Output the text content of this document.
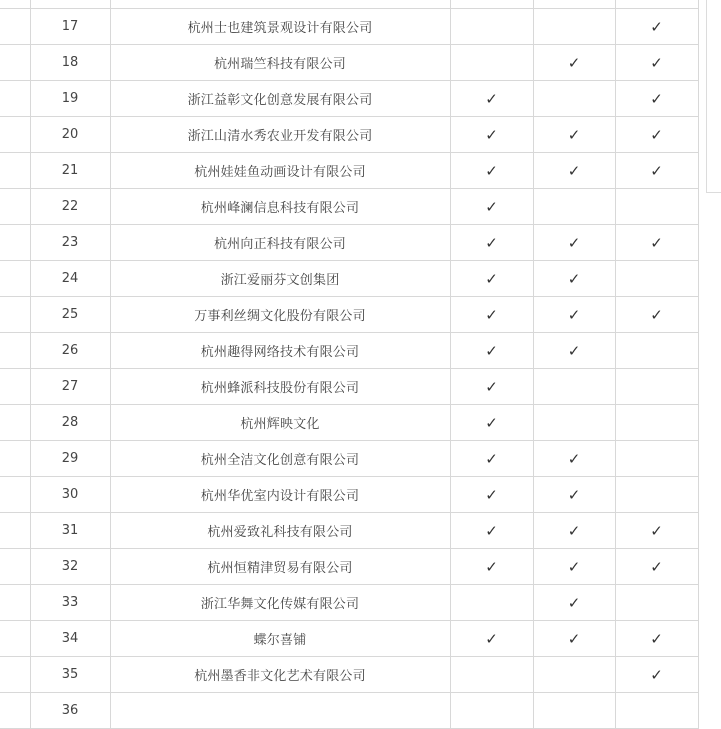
	17	杭州士也建筑景观设计有限公司			✓
	18	杭州瑞竺科技有限公司		✓	✓
	19	浙江益彰文化创意发展有限公司	✓		✓
	20	浙江山清水秀农业开发有限公司	✓	✓	✓
	21	杭州娃娃鱼动画设计有限公司	✓	✓	✓
	22	杭州峰澜信息科技有限公司	✓		
	23	杭州向正科技有限公司	✓	✓	✓
	24	浙江爱丽芬文创集团	✓	✓	
	25	万事利丝绸文化股份有限公司	✓	✓	✓
	26	杭州趣得网络技术有限公司	✓	✓	
	27	杭州蜂派科技股份有限公司	✓		
	28	杭州辉映文化	✓		
	29	杭州全洁文化创意有限公司	✓	✓	
	30	杭州华优室内设计有限公司	✓	✓	
	31	杭州爱致礼科技有限公司	✓	✓	✓
	32	杭州恒精津贸易有限公司	✓	✓	✓
	33	浙江华舞文化传媒有限公司		✓	
	34	蝶尔喜铺	✓	✓	✓
	35	杭州墨香非文化艺术有限公司			✓
	36				
